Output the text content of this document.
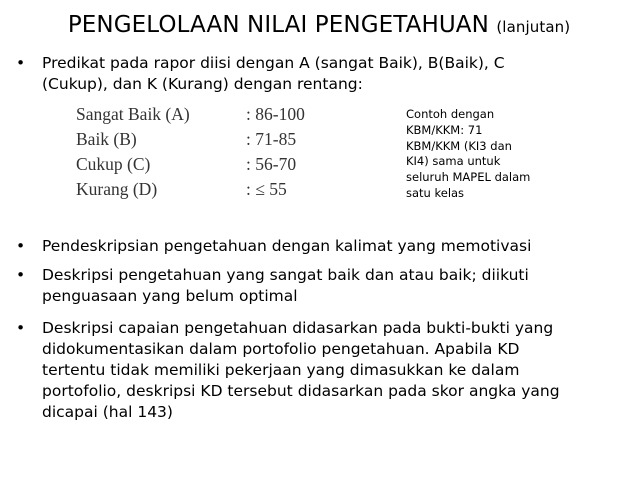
PENGELOLAAN NILAI PENGETAHUAN (lanjutan)
• Predikat pada rapor diisi dengan A (sangat Baik), B(Baik), C
(Cukup), dan K (Kurang) dengan rentang:
Sangat Baik (A)	: 86-100
Baik (B)	: 71-85
Cukup (C)	: 56-70
Kurang (D)	: ≤ 55
Contoh dengan
KBM/KKM: 71
KBM/KKM (KI3 dan
KI4) sama untuk
seluruh MAPEL dalam
satu kelas
• Pendeskripsian pengetahuan dengan kalimat yang memotivasi
• Deskripsi pengetahuan yang sangat baik dan atau baik; diikuti
penguasaan yang belum optimal
• Deskripsi capaian pengetahuan didasarkan pada bukti-bukti yang
didokumentasikan dalam portofolio pengetahuan. Apabila KD
tertentu tidak memiliki pekerjaan yang dimasukkan ke dalam
portofolio, deskripsi KD tersebut didasarkan pada skor angka yang
dicapai (hal 143)
